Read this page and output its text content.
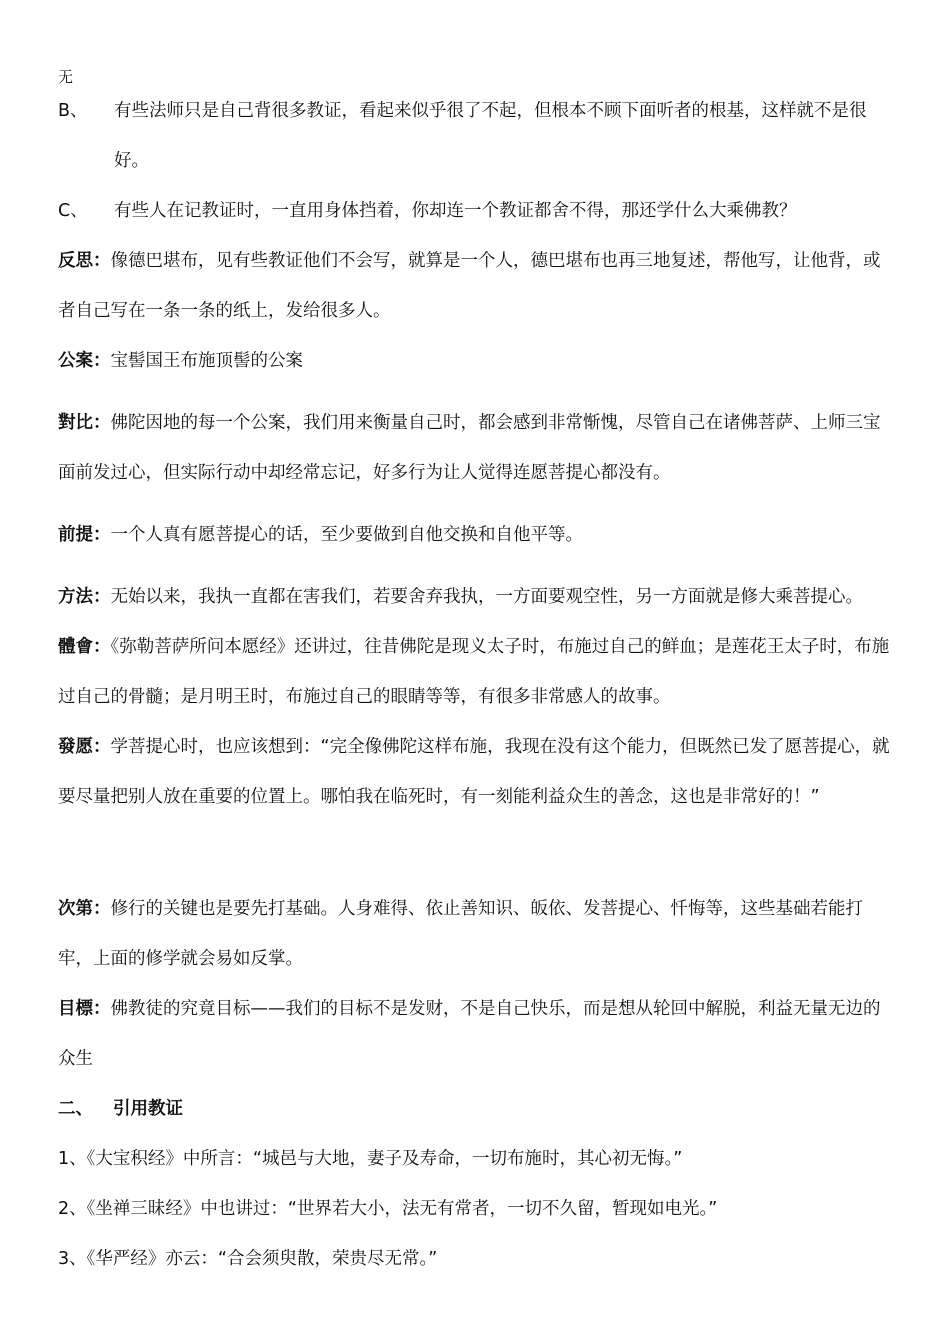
无
B、	有些法师只是自己背很多教证，看起来似乎很了不起，但根本不顾下面听者的根基，这样就不是很好。
C、	有些人在记教证时，一直用身体挡着，你却连一个教证都舍不得，那还学什么大乘佛教？

反思：像德巴堪布，见有些教证他们不会写，就算是一个人，德巴堪布也再三地复述，帮他写，让他背，或者自己写在一条一条的纸上，发给很多人。

公案：宝髻国王布施顶髻的公案

對比：佛陀因地的每一个公案，我们用来衡量自己时，都会感到非常惭愧，尽管自己在诸佛菩萨、上师三宝面前发过心，但实际行动中却经常忘记，好多行为让人觉得连愿菩提心都没有。

前提：一个人真有愿菩提心的话，至少要做到自他交换和自他平等。

方法：无始以来，我执一直都在害我们，若要舍弃我执，一方面要观空性，另一方面就是修大乘菩提心。

體會：《弥勒菩萨所问本愿经》还讲过，往昔佛陀是现义太子时，布施过自己的鲜血；是莲花王太子时，布施过自己的骨髓；是月明王时，布施过自己的眼睛等等，有很多非常感人的故事。

發愿：学菩提心时，也应该想到：“完全像佛陀这样布施，我现在没有这个能力，但既然已发了愿菩提心，就要尽量把别人放在重要的位置上。哪怕我在临死时，有一刻能利益众生的善念，这也是非常好的！”

次第：修行的关键也是要先打基础。人身难得、依止善知识、皈依、发菩提心、忏悔等，这些基础若能打牢，上面的修学就会易如反掌。

目標：佛教徒的究竟目标——我们的目标不是发财，不是自己快乐，而是想从轮回中解脱，利益无量无边的众生

二、 引用教证

1、《大宝积经》中所言：“城邑与大地，妻子及寿命，一切布施时，其心初无悔。”

2、《坐禅三昧经》中也讲过：“世界若大小，法无有常者，一切不久留，暂现如电光。”

3、《华严经》亦云：“合会须臾散，荣贵尽无常。”
